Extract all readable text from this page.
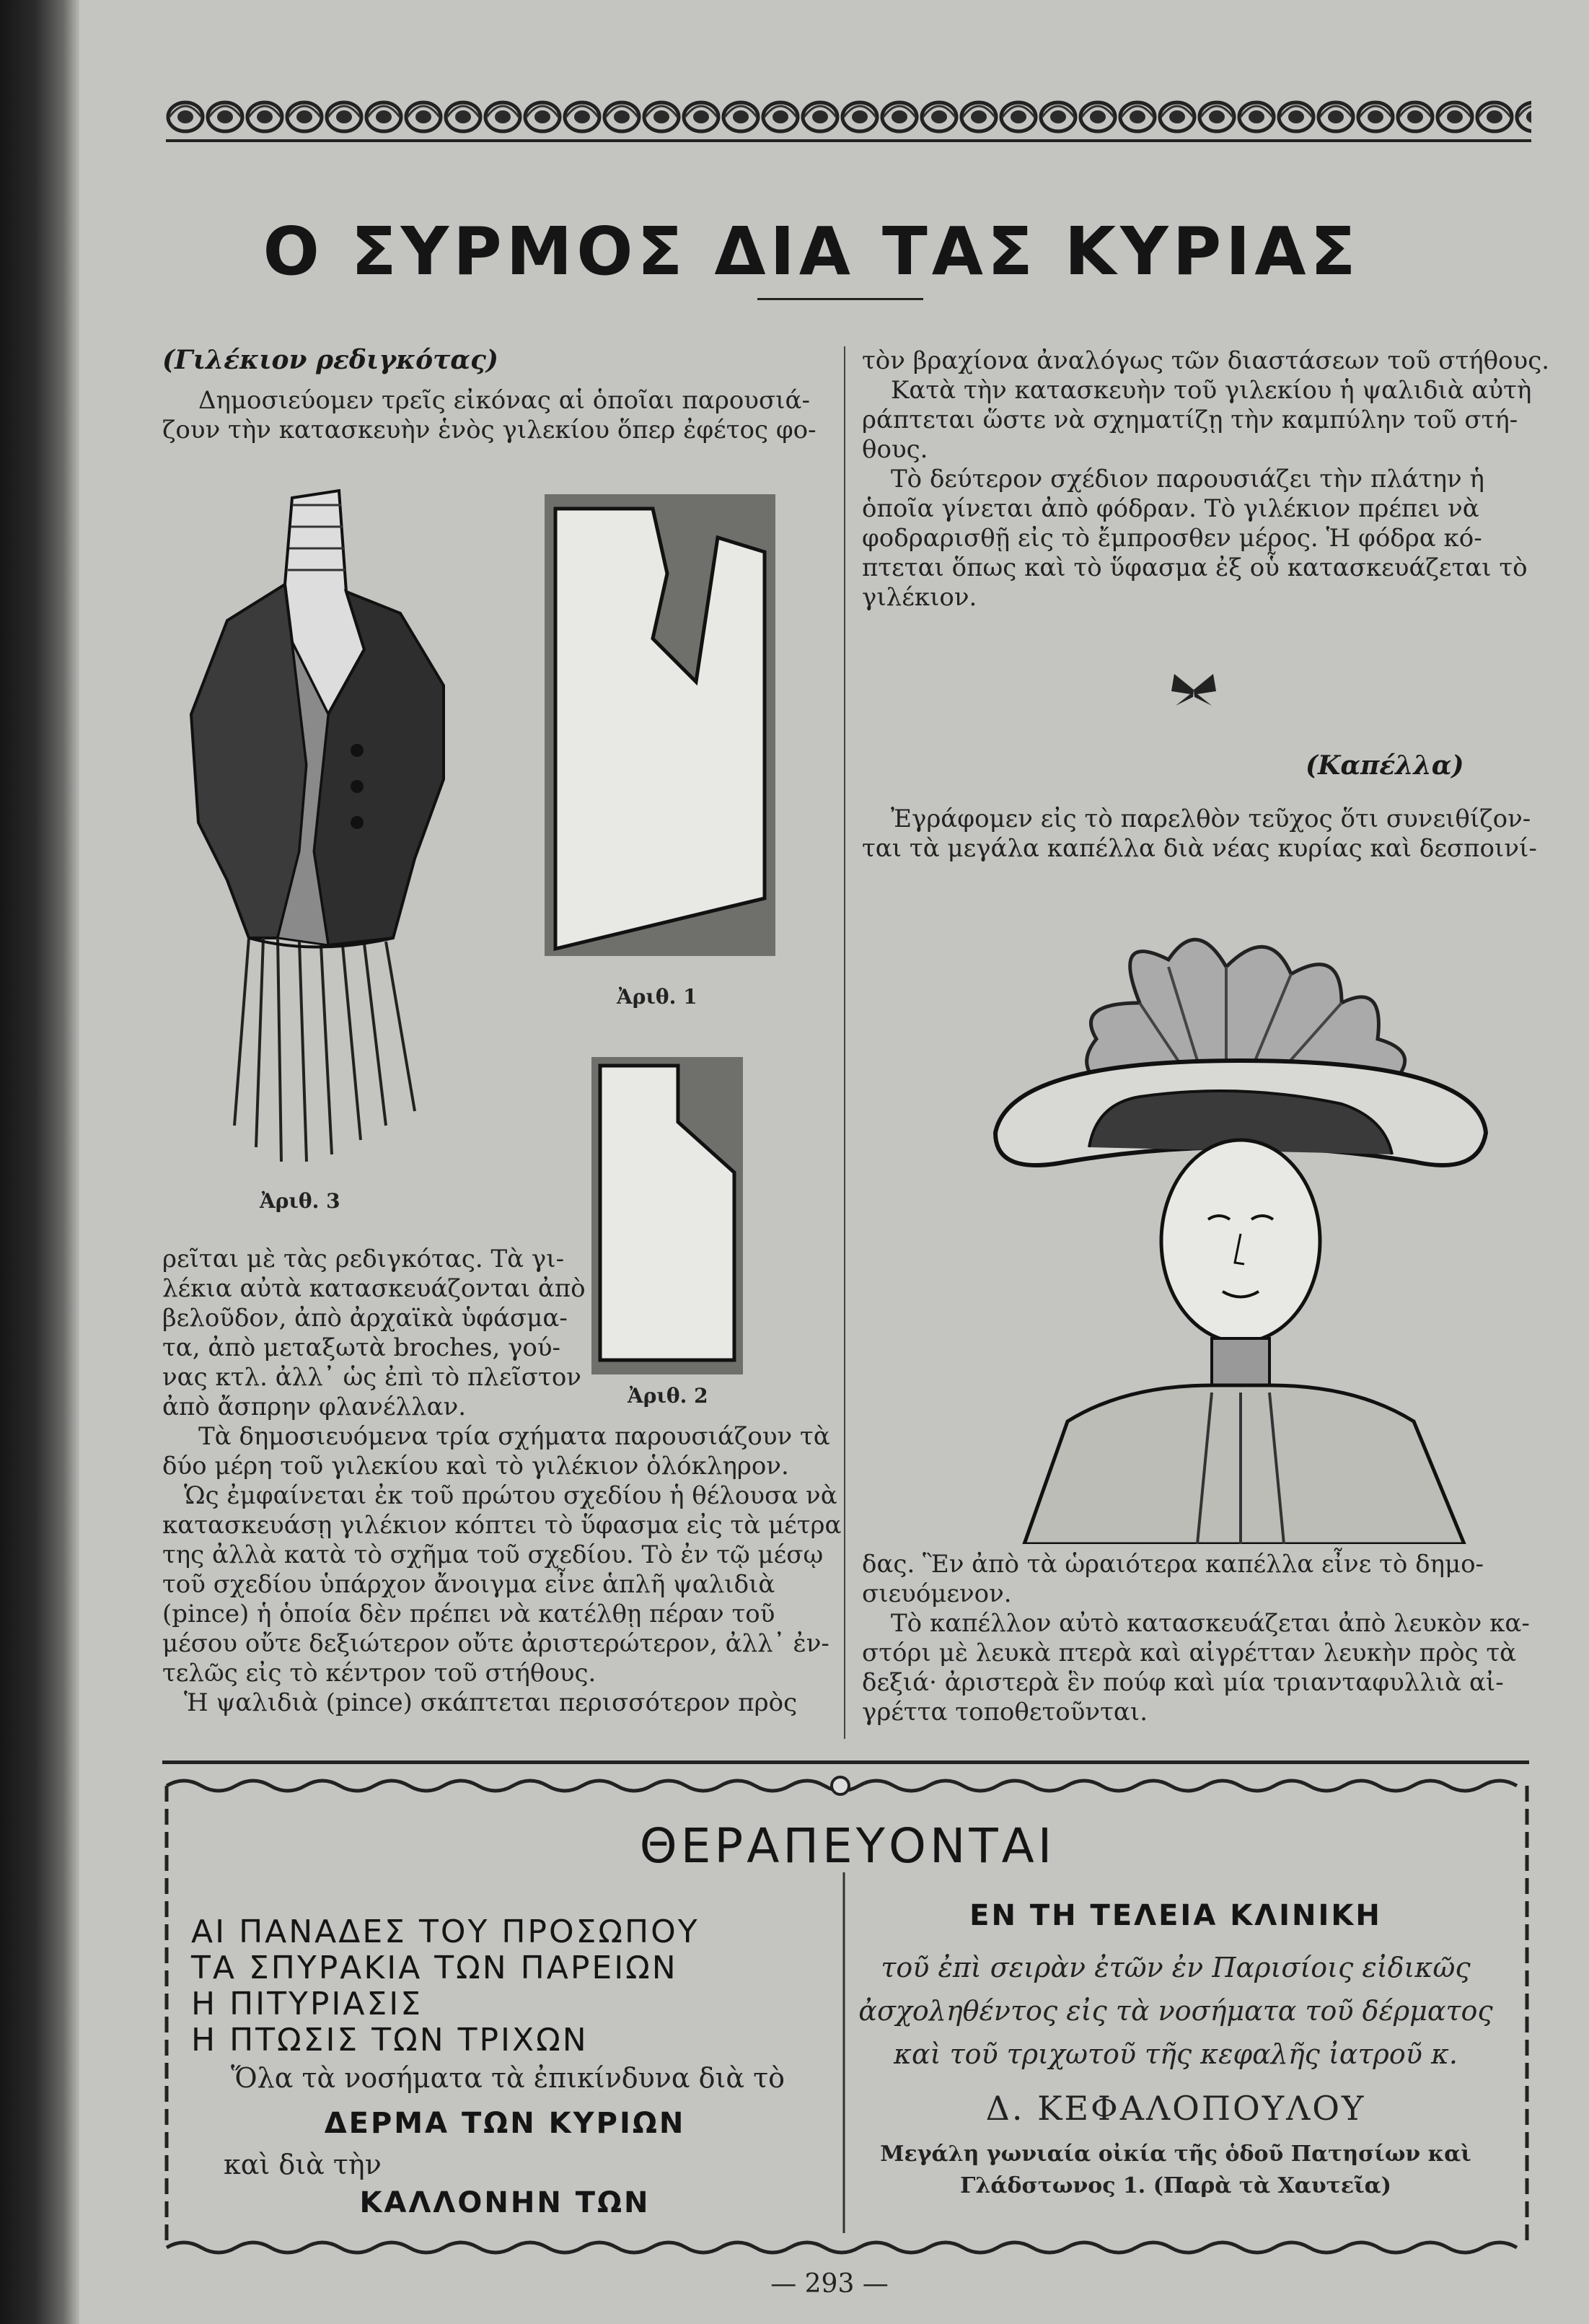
Ο ΣΥΡΜΟΣ ΔΙΑ ΤΑΣ ΚΥΡΙΑΣ
(Γιλέκιον ρεδιγκότας)
Δημοσιεύομεν τρεῖς εἰκόνας αἱ ὁποῖαι παρουσιά-
ζουν τὴν κατασκευὴν ἑνὸς γιλεκίου ὅπερ ἐφέτος φο-
Ἀριθ. 1
Ἀριθ. 2
Ἀριθ. 3
ρεῖται μὲ τὰς ρεδιγκότας. Τὰ γι-
λέκια αὐτὰ κατασκευάζονται ἀπὸ
βελοῦδον, ἀπὸ ἀρχαϊκὰ ὑφάσμα-
τα, ἀπὸ μεταξωτὰ broches, γού-
νας κτλ. ἀλλ᾽ ὡς ἐπὶ τὸ πλεῖστον
ἀπὸ ἄσπρην φλανέλλαν.
Τὰ δημοσιευόμενα τρία σχήματα παρουσιάζουν τὰ
δύο μέρη τοῦ γιλεκίου καὶ τὸ γιλέκιον ὁλόκληρον.
Ὡς ἐμφαίνεται ἐκ τοῦ πρώτου σχεδίου ἡ θέλουσα νὰ
κατασκευάσῃ γιλέκιον κόπτει τὸ ὕφασμα εἰς τὰ μέτρα
της ἀλλὰ κατὰ τὸ σχῆμα τοῦ σχεδίου. Τὸ ἐν τῷ μέσῳ
τοῦ σχεδίου ὑπάρχον ἄνοιγμα εἶνε ἁπλῆ ψαλιδιὰ
(pince) ἡ ὁποία δὲν πρέπει νὰ κατέλθῃ πέραν τοῦ
μέσου οὔτε δεξιώτερον οὔτε ἀριστερώτερον, ἀλλ᾽ ἐν-
τελῶς εἰς τὸ κέντρον τοῦ στήθους.
Ἡ ψαλιδιὰ (pince) σκάπτεται περισσότερον πρὸς
τὸν βραχίονα ἀναλόγως τῶν διαστάσεων τοῦ στήθους.
Κατὰ τὴν κατασκευὴν τοῦ γιλεκίου ἡ ψαλιδιὰ αὐτὴ
ράπτεται ὥστε νὰ σχηματίζῃ τὴν καμπύλην τοῦ στή-
θους.
Τὸ δεύτερον σχέδιον παρουσιάζει τὴν πλάτην ἡ
ὁποῖα γίνεται ἀπὸ φόδραν. Τὸ γιλέκιον πρέπει νὰ
φοδραρισθῇ εἰς τὸ ἔμπροσθεν μέρος. Ἡ φόδρα κό-
πτεται ὅπως καὶ τὸ ὕφασμα ἐξ οὗ κατασκευάζεται τὸ
γιλέκιον.
(Καπέλλα)
Ἐγράφομεν εἰς τὸ παρελθὸν τεῦχος ὅτι συνειθίζον-
ται τὰ μεγάλα καπέλλα διὰ νέας κυρίας καὶ δεσποινί-
δας. Ἓν ἀπὸ τὰ ὡραιότερα καπέλλα εἶνε τὸ δημο-
σιευόμενον.
Τὸ καπέλλον αὐτὸ κατασκευάζεται ἀπὸ λευκὸν κα-
στόρι μὲ λευκὰ πτερὰ καὶ αἰγρέτταν λευκὴν πρὸς τὰ
δεξιά· ἀριστερὰ ἓν πούφ καὶ μία τριανταφυλλιὰ αἰ-
γρέττα τοποθετοῦνται.
ΘΕΡΑΠΕΥΟΝΤΑΙ
ΑΙ ΠΑΝΑΔΕΣ ΤΟΥ ΠΡΟΣΩΠΟΥ
ΤΑ ΣΠΥΡΑΚΙΑ ΤΩΝ ΠΑΡΕΙΩΝ
Η ΠΙΤΥΡΙΑΣΙΣ
Η ΠΤΩΣΙΣ ΤΩΝ ΤΡΙΧΩΝ
Ὅλα τὰ νοσήματα τὰ ἐπικίνδυνα διὰ τὸ
ΔΕΡΜΑ ΤΩΝ ΚΥΡΙΩΝ
καὶ διὰ τὴν
ΚΑΛΛΟΝΗΝ ΤΩΝ
ΕΝ ΤΗ ΤΕΛΕΙΑ ΚΛΙΝΙΚΗ
τοῦ ἐπὶ σειρὰν ἐτῶν ἐν Παρισίοις εἰδικῶς
ἀσχοληθέντος εἰς τὰ νοσήματα τοῦ δέρματος
καὶ τοῦ τριχωτοῦ τῆς κεφαλῆς ἰατροῦ κ.
Δ. ΚΕΦΑΛΟΠΟΥΛΟΥ
Μεγάλη γωνιαία οἰκία τῆς ὁδοῦ Πατησίων καὶ
Γλάδστωνος 1. (Παρὰ τὰ Χαυτεῖα)
— 293 —
